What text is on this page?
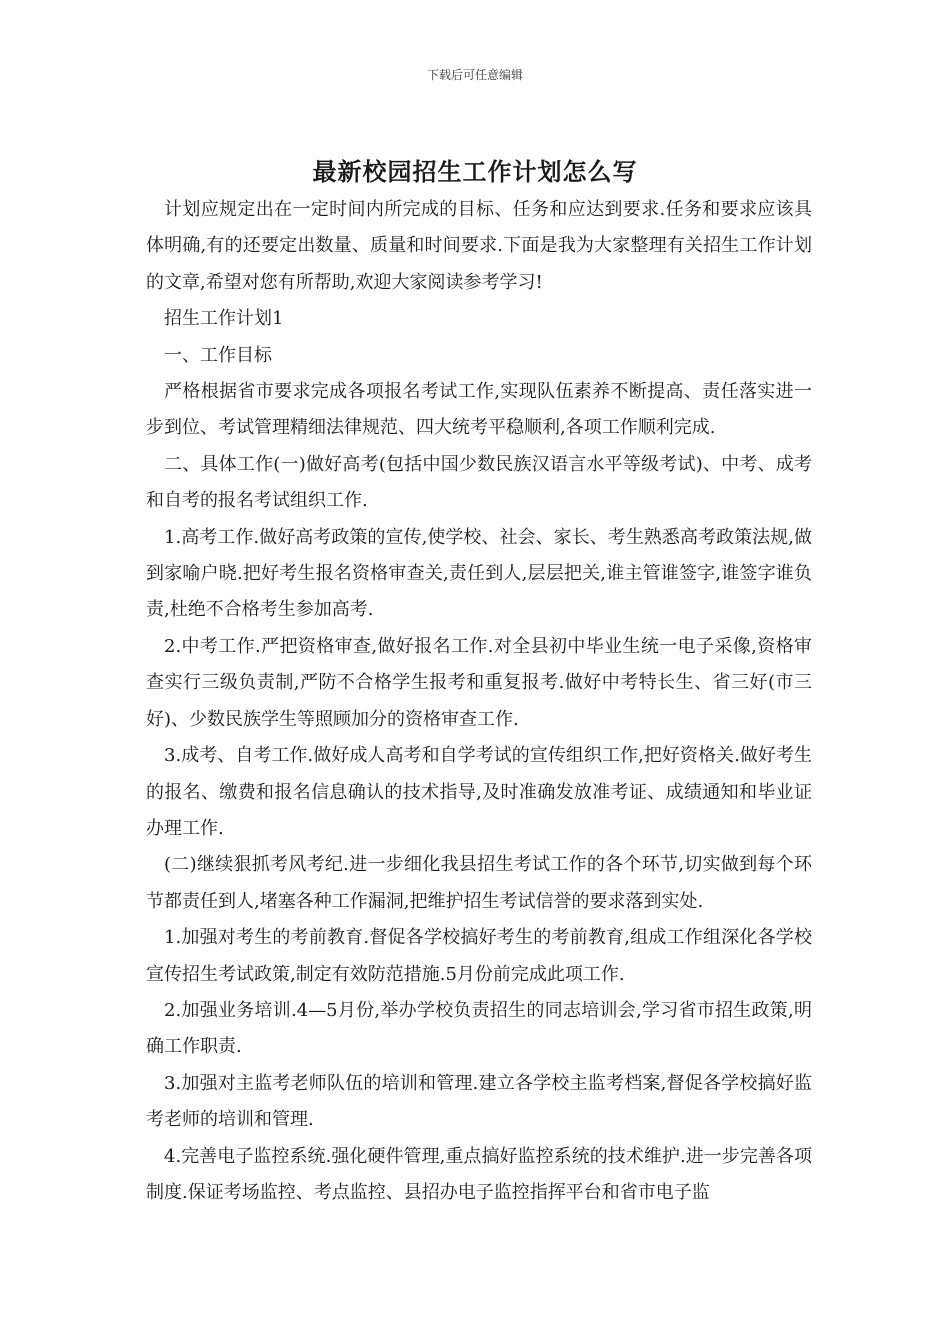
下载后可任意编辑
最新校园招生工作计划怎么写

计划应规定出在一定时间内所完成的目标、任务和应达到要求.任务和要求应该具体明确,有的还要定出数量、质量和时间要求.下面是我为大家整理有关招生工作计划的文章,希望对您有所帮助,欢迎大家阅读参考学习!

招生工作计划1

一、工作目标

严格根据省市要求完成各项报名考试工作,实现队伍素养不断提高、责任落实进一步到位、考试管理精细法律规范、四大统考平稳顺利,各项工作顺利完成.

二、具体工作(一)做好高考(包括中国少数民族汉语言水平等级考试)、中考、成考和自考的报名考试组织工作.

1.高考工作.做好高考政策的宣传,使学校、社会、家长、考生熟悉高考政策法规,做到家喻户晓.把好考生报名资格审查关,责任到人,层层把关,谁主管谁签字,谁签字谁负责,杜绝不合格考生参加高考.

2.中考工作.严把资格审查,做好报名工作.对全县初中毕业生统一电子采像,资格审查实行三级负责制,严防不合格学生报考和重复报考.做好中考特长生、省三好(市三好)、少数民族学生等照顾加分的资格审查工作.

3.成考、自考工作.做好成人高考和自学考试的宣传组织工作,把好资格关.做好考生的报名、缴费和报名信息确认的技术指导,及时准确发放准考证、成绩通知和毕业证办理工作.

(二)继续狠抓考风考纪.进一步细化我县招生考试工作的各个环节,切实做到每个环节都责任到人,堵塞各种工作漏洞,把维护招生考试信誉的要求落到实处.

1.加强对考生的考前教育.督促各学校搞好考生的考前教育,组成工作组深化各学校宣传招生考试政策,制定有效防范措施.5月份前完成此项工作.

2.加强业务培训.4—5月份,举办学校负责招生的同志培训会,学习省市招生政策,明确工作职责.

3.加强对主监考老师队伍的培训和管理.建立各学校主监考档案,督促各学校搞好监考老师的培训和管理.

4.完善电子监控系统.强化硬件管理,重点搞好监控系统的技术维护.进一步完善各项制度.保证考场监控、考点监控、县招办电子监控指挥平台和省市电子监
